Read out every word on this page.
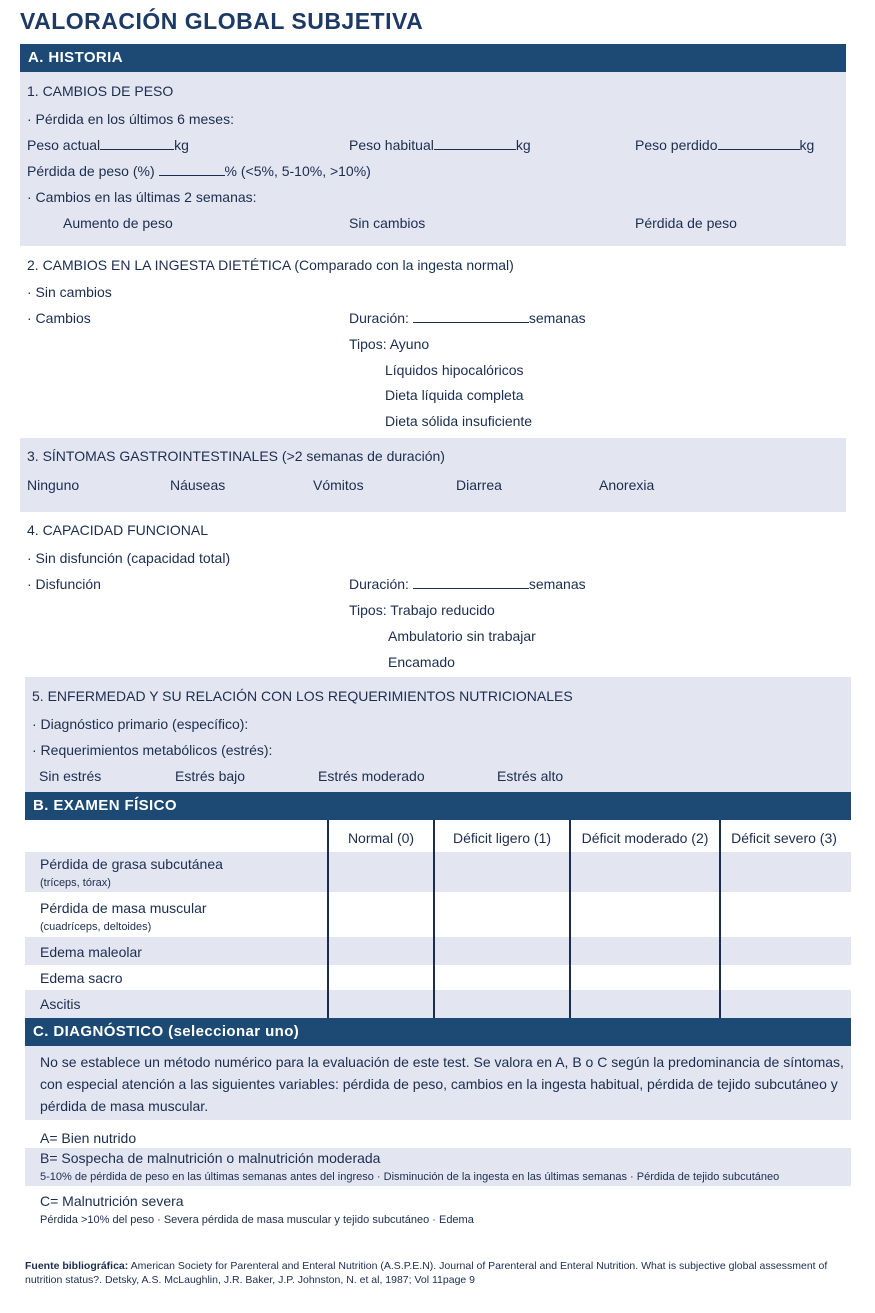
VALORACIÓN GLOBAL SUBJETIVA
A. HISTORIA
1. CAMBIOS DE PESO
· Pérdida en los últimos 6 meses:
Peso actual	kg	Peso habitual	kg	Peso perdido	kg
Pérdida de peso (%)	% (<5%, 5-10%, >10%)
· Cambios en las últimas 2 semanas:
Aumento de peso	Sin cambios	Pérdida de peso
2. CAMBIOS EN LA INGESTA DIETÉTICA (Comparado con la ingesta normal)
· Sin cambios
· Cambios	Duración:	semanas
Tipos: Ayuno
Líquidos hipocalóricos
Dieta líquida completa
Dieta sólida insuficiente
3. SÍNTOMAS GASTROINTESTINALES (>2 semanas de duración)
Ninguno	Náuseas	Vómitos	Diarrea	Anorexia
4. CAPACIDAD FUNCIONAL
· Sin disfunción (capacidad total)
· Disfunción	Duración:	semanas
Tipos: Trabajo reducido
Ambulatorio sin trabajar
Encamado
5. ENFERMEDAD Y SU RELACIÓN CON LOS REQUERIMIENTOS NUTRICIONALES
· Diagnóstico primario (específico):
· Requerimientos metabólicos (estrés):
Sin estrés	Estrés bajo	Estrés moderado	Estrés alto
B. EXAMEN FÍSICO
Normal (0)	Déficit ligero (1)	Déficit moderado (2)	Déficit severo (3)
Pérdida de grasa subcutánea
(tríceps, tórax)
Pérdida de masa muscular
(cuadríceps, deltoides)
Edema maleolar
Edema sacro
Ascitis
C. DIAGNÓSTICO (seleccionar uno)
No se establece un método numérico para la evaluación de este test. Se valora en A, B o C según la predominancia de síntomas,
con especial atención a las siguientes variables: pérdida de peso, cambios en la ingesta habitual, pérdida de tejido subcutáneo y
pérdida de masa muscular.
A= Bien nutrido
B= Sospecha de malnutrición o malnutrición moderada
5-10% de pérdida de peso en las últimas semanas antes del ingreso · Disminución de la ingesta en las últimas semanas · Pérdida de tejido subcutáneo
C= Malnutrición severa
Pérdida >10% del peso · Severa pérdida de masa muscular y tejido subcutáneo · Edema
Fuente bibliográfica: American Society for Parenteral and Enteral Nutrition (A.S.P.E.N). Journal of Parenteral and Enteral Nutrition. What is subjective global assessment of nutrition status?. Detsky, A.S. McLaughlin, J.R. Baker, J.P. Johnston, N. et al, 1987; Vol 11page 9
